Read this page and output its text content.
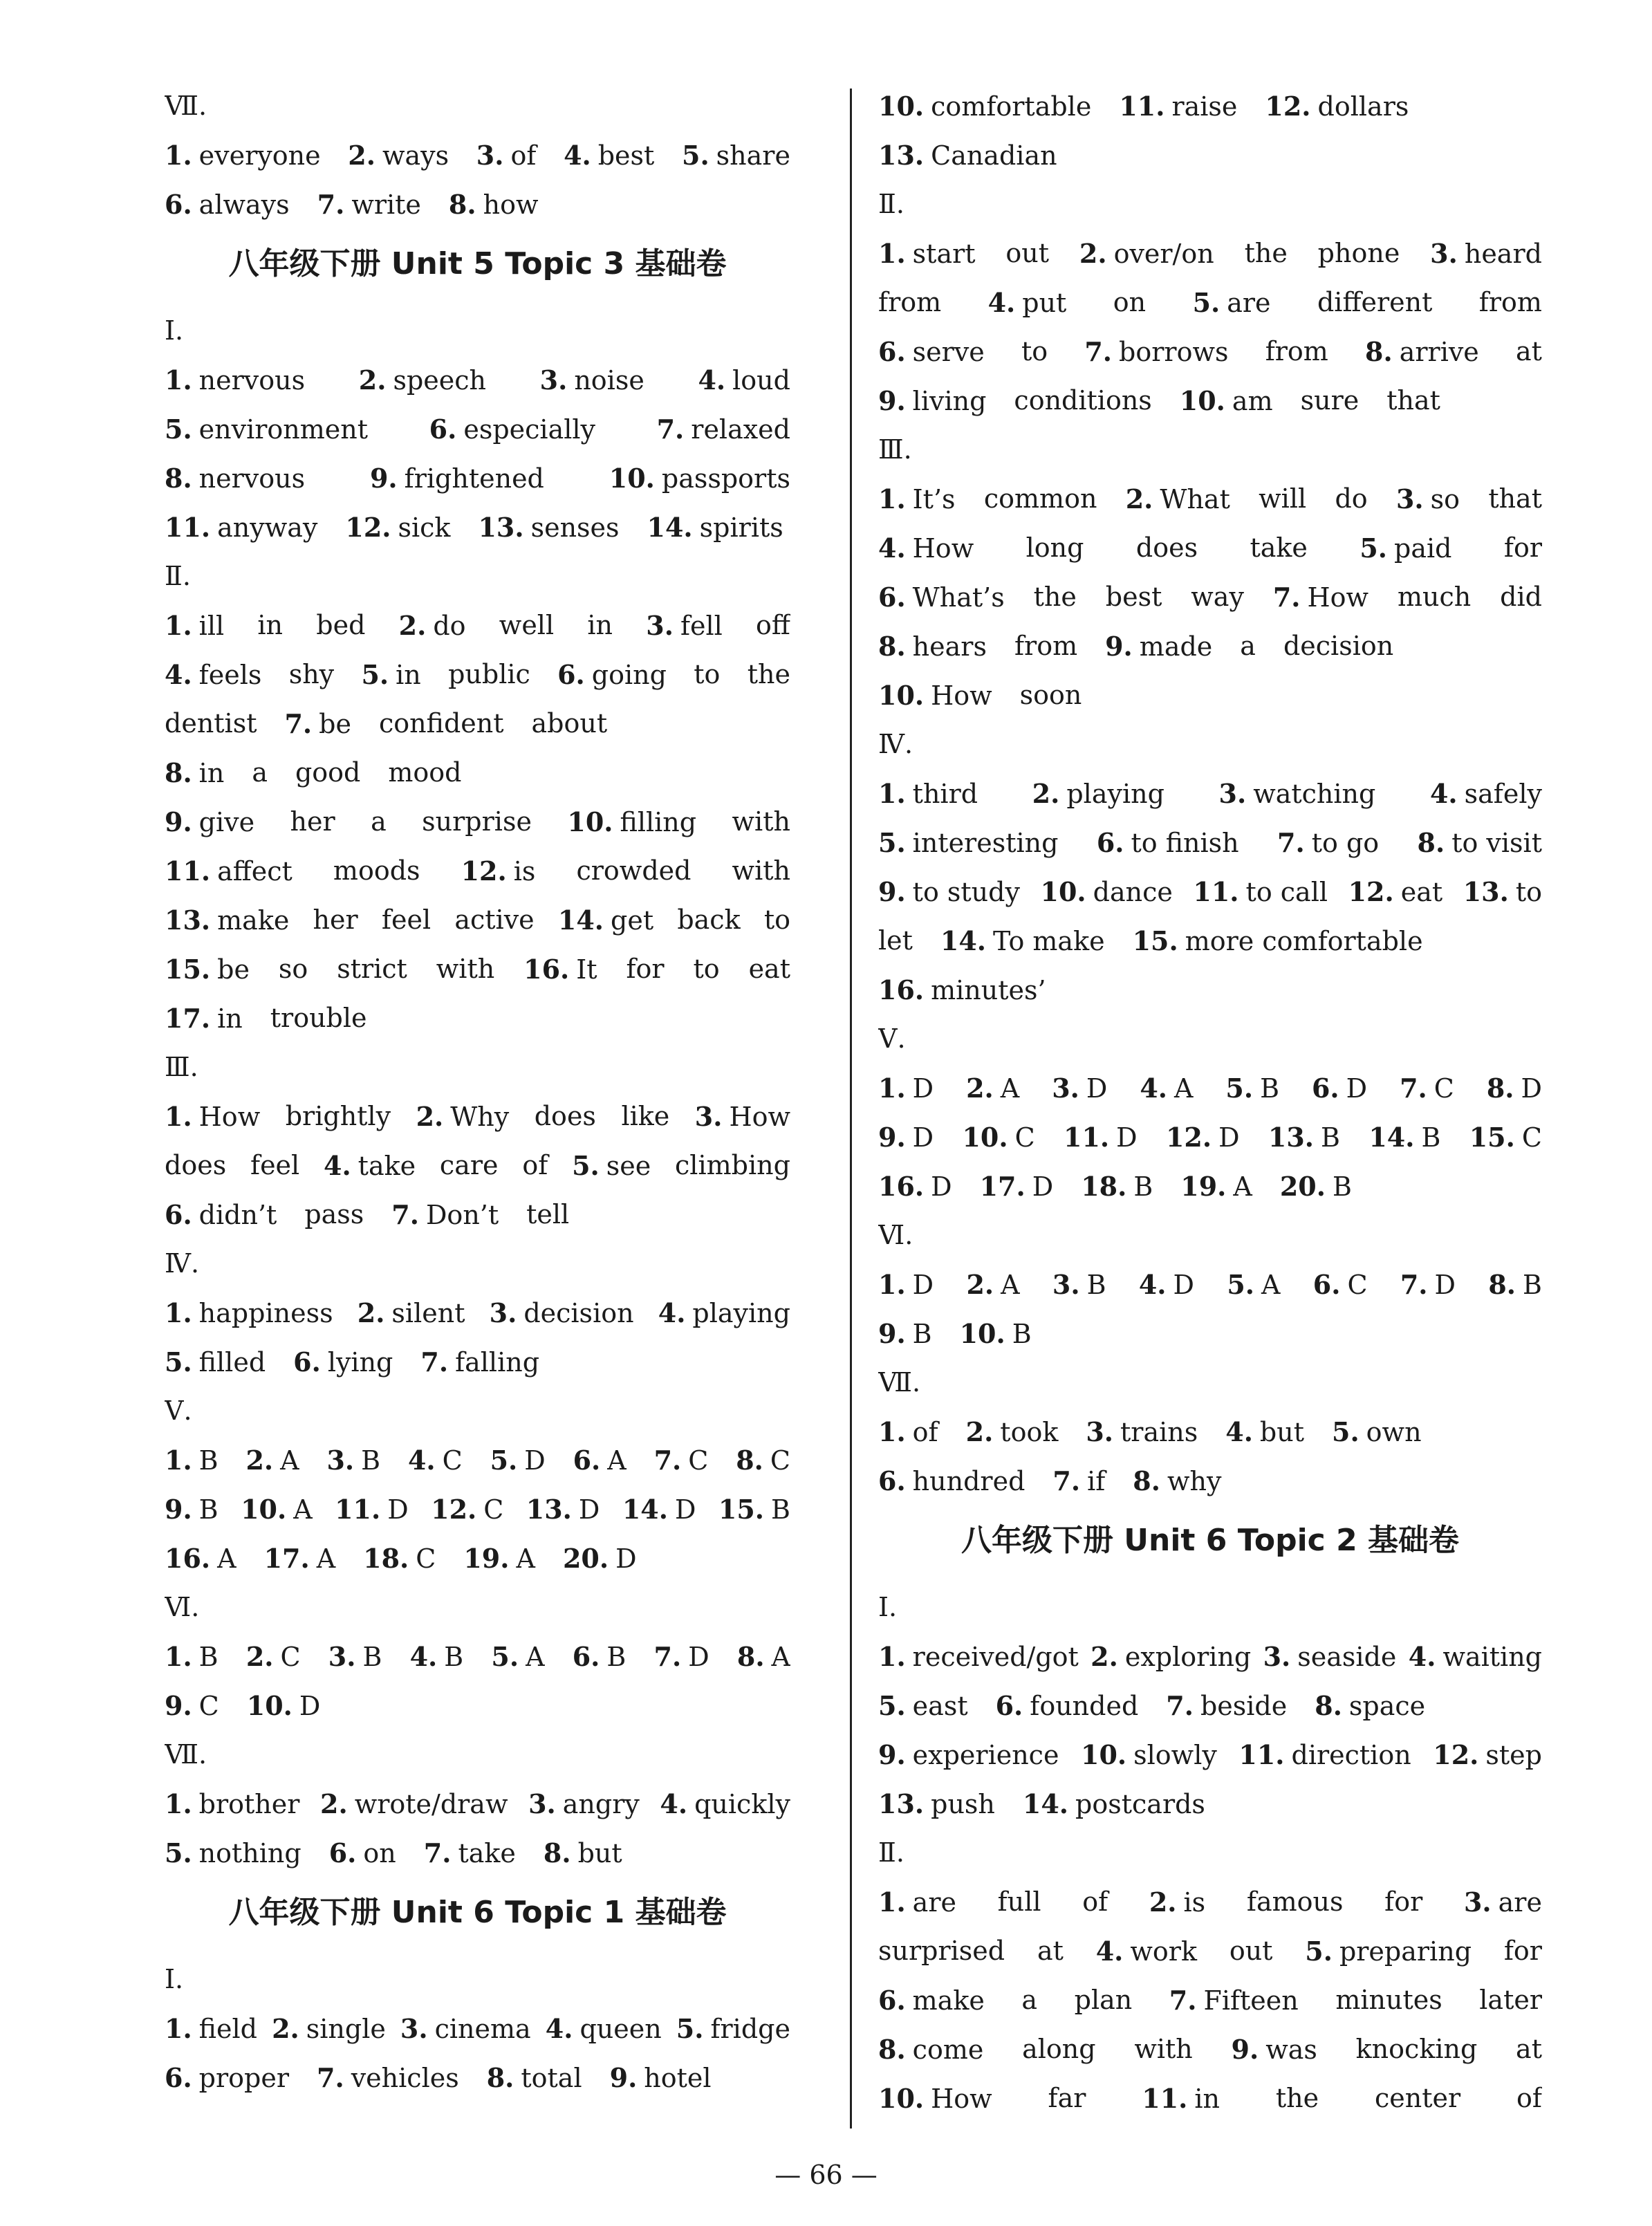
Ⅶ.
1. everyone 2. ways 3. of 4. best 5. share
6. always 7. write 8. how
八年级下册 Unit 5 Topic 3 基础卷
Ⅰ.
1. nervous 2. speech 3. noise 4. loud
5. environment 6. especially 7. relaxed
8. nervous 9. frightened 10. passports
11. anyway 12. sick 13. senses 14. spirits
Ⅱ.
1. ill in bed 2. do well in 3. fell off
4. feels shy 5. in public 6. going to the
dentist 7. be confident about
8. in a good mood
9. give her a surprise 10. filling with
11. affect moods 12. is crowded with
13. make her feel active 14. get back to
15. be so strict with 16. It for to eat
17. in trouble
Ⅲ.
1. How brightly 2. Why does like 3. How
does feel 4. take care of 5. see climbing
6. didn’t pass 7. Don’t tell
Ⅳ.
1. happiness 2. silent 3. decision 4. playing
5. filled 6. lying 7. falling
Ⅴ.
1. B 2. A 3. B 4. C 5. D 6. A 7. C 8. C
9. B 10. A 11. D 12. C 13. D 14. D 15. B
16. A 17. A 18. C 19. A 20. D
Ⅵ.
1. B 2. C 3. B 4. B 5. A 6. B 7. D 8. A
9. C 10. D
Ⅶ.
1. brother 2. wrote/draw 3. angry 4. quickly
5. nothing 6. on 7. take 8. but
八年级下册 Unit 6 Topic 1 基础卷
Ⅰ.
1. field 2. single 3. cinema 4. queen 5. fridge
6. proper 7. vehicles 8. total 9. hotel
10. comfortable 11. raise 12. dollars
13. Canadian
Ⅱ.
1. start out 2. over/on the phone 3. heard
from 4. put on 5. are different from
6. serve to 7. borrows from 8. arrive at
9. living conditions 10. am sure that
Ⅲ.
1. It’s common 2. What will do 3. so that
4. How long does take 5. paid for
6. What’s the best way 7. How much did
8. hears from 9. made a decision
10. How soon
Ⅳ.
1. third 2. playing 3. watching 4. safely
5. interesting 6. to finish 7. to go 8. to visit
9. to study 10. dance 11. to call 12. eat 13. to
let 14. To make 15. more comfortable
16. minutes’
Ⅴ.
1. D 2. A 3. D 4. A 5. B 6. D 7. C 8. D
9. D 10. C 11. D 12. D 13. B 14. B 15. C
16. D 17. D 18. B 19. A 20. B
Ⅵ.
1. D 2. A 3. B 4. D 5. A 6. C 7. D 8. B
9. B 10. B
Ⅶ.
1. of 2. took 3. trains 4. but 5. own
6. hundred 7. if 8. why
八年级下册 Unit 6 Topic 2 基础卷
Ⅰ.
1. received/got 2. exploring 3. seaside 4. waiting
5. east 6. founded 7. beside 8. space
9. experience 10. slowly 11. direction 12. step
13. push 14. postcards
Ⅱ.
1. are full of 2. is famous for 3. are
surprised at 4. work out 5. preparing for
6. make a plan 7. Fifteen minutes later
8. come along with 9. was knocking at
10. How far 11. in the center of
— 66 —
